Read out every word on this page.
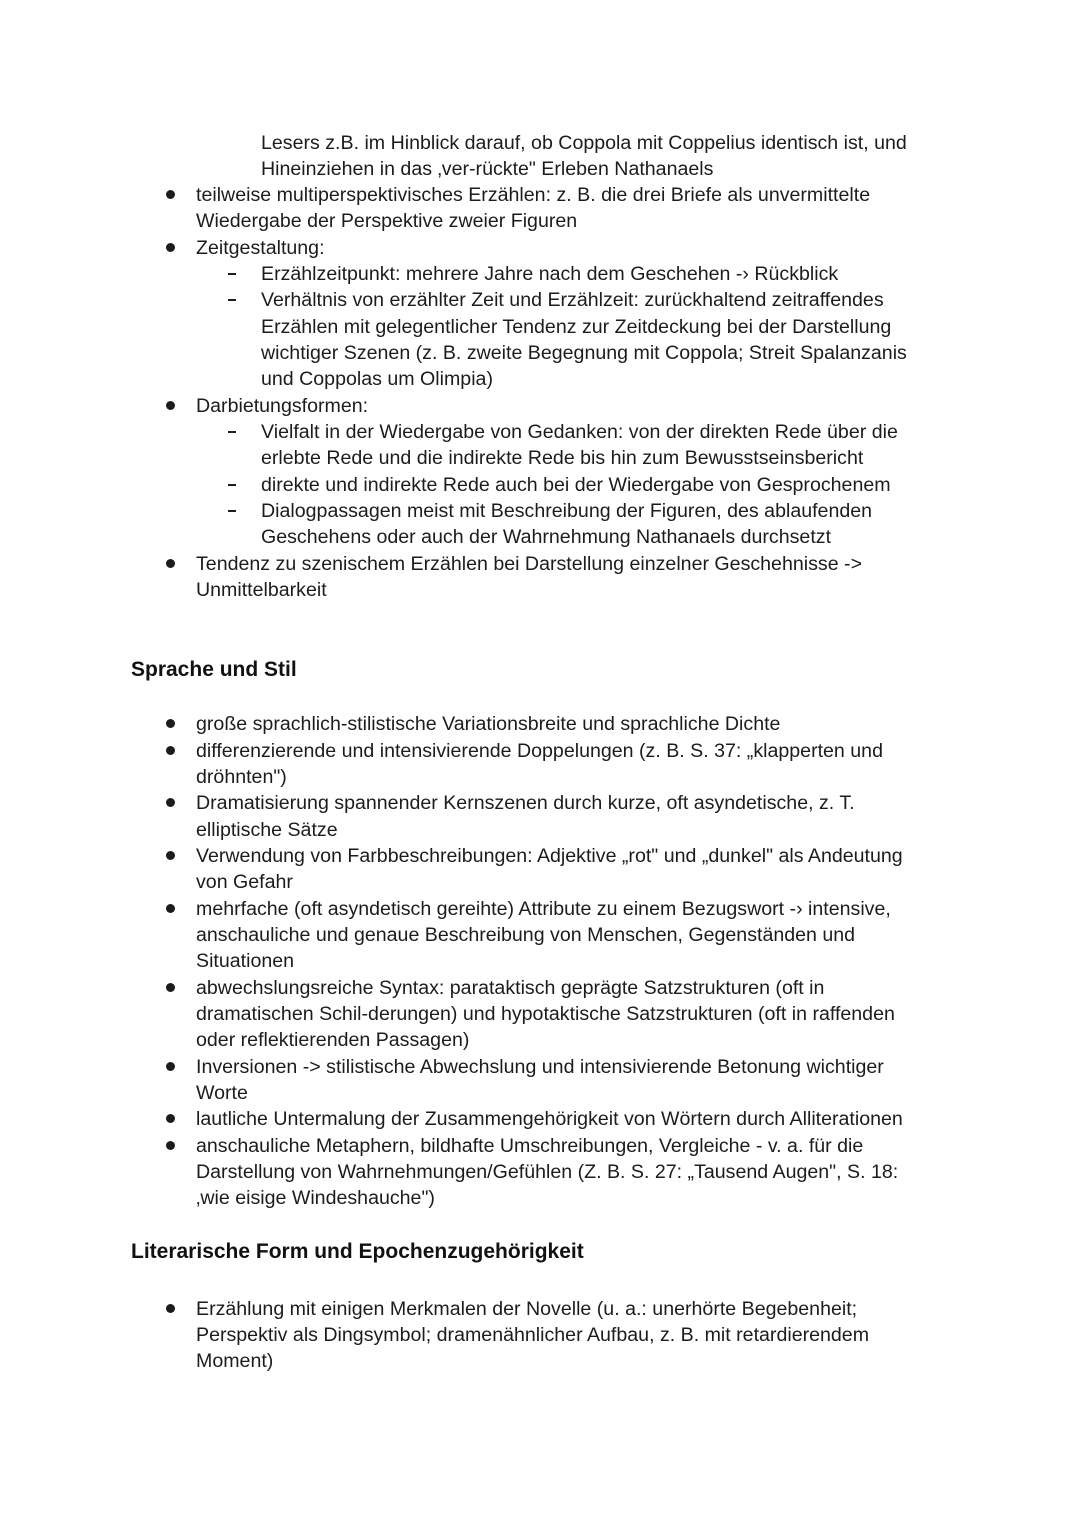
Lesers z.B. im Hinblick darauf, ob Coppola mit Coppelius identisch ist, und
Hineinziehen in das ‚ver-rückte" Erleben Nathanaels
teilweise multiperspektivisches Erzählen: z. B. die drei Briefe als unvermittelte
Wiedergabe der Perspektive zweier Figuren
Zeitgestaltung:
Erzählzeitpunkt: mehrere Jahre nach dem Geschehen -› Rückblick
Verhältnis von erzählter Zeit und Erzählzeit: zurückhaltend zeitraffendes
Erzählen mit gelegentlicher Tendenz zur Zeitdeckung bei der Darstellung
wichtiger Szenen (z. B. zweite Begegnung mit Coppola; Streit Spalanzanis
und Coppolas um Olimpia)
Darbietungsformen:
Vielfalt in der Wiedergabe von Gedanken: von der direkten Rede über die
erlebte Rede und die indirekte Rede bis hin zum Bewusstseinsbericht
direkte und indirekte Rede auch bei der Wiedergabe von Gesprochenem
Dialogpassagen meist mit Beschreibung der Figuren, des ablaufenden
Geschehens oder auch der Wahrnehmung Nathanaels durchsetzt
Tendenz zu szenischem Erzählen bei Darstellung einzelner Geschehnisse ->
Unmittelbarkeit
Sprache und Stil
große sprachlich-stilistische Variationsbreite und sprachliche Dichte
differenzierende und intensivierende Doppelungen (z. B. S. 37: „klapperten und
dröhnten")
Dramatisierung spannender Kernszenen durch kurze, oft asyndetische, z. T.
elliptische Sätze
Verwendung von Farbbeschreibungen: Adjektive „rot" und „dunkel" als Andeutung
von Gefahr
mehrfache (oft asyndetisch gereihte) Attribute zu einem Bezugswort -› intensive,
anschauliche und genaue Beschreibung von Menschen, Gegenständen und
Situationen
abwechslungsreiche Syntax: parataktisch geprägte Satzstrukturen (oft in
dramatischen Schil-derungen) und hypotaktische Satzstrukturen (oft in raffenden
oder reflektierenden Passagen)
Inversionen -> stilistische Abwechslung und intensivierende Betonung wichtiger
Worte
lautliche Untermalung der Zusammengehörigkeit von Wörtern durch Alliterationen
anschauliche Metaphern, bildhafte Umschreibungen, Vergleiche - v. a. für die
Darstellung von Wahrnehmungen/Gefühlen (Z. B. S. 27: „Tausend Augen", S. 18:
‚wie eisige Windeshauche")
Literarische Form und Epochenzugehörigkeit
Erzählung mit einigen Merkmalen der Novelle (u. a.: unerhörte Begebenheit;
Perspektiv als Dingsymbol; dramenähnlicher Aufbau, z. B. mit retardierendem
Moment)
